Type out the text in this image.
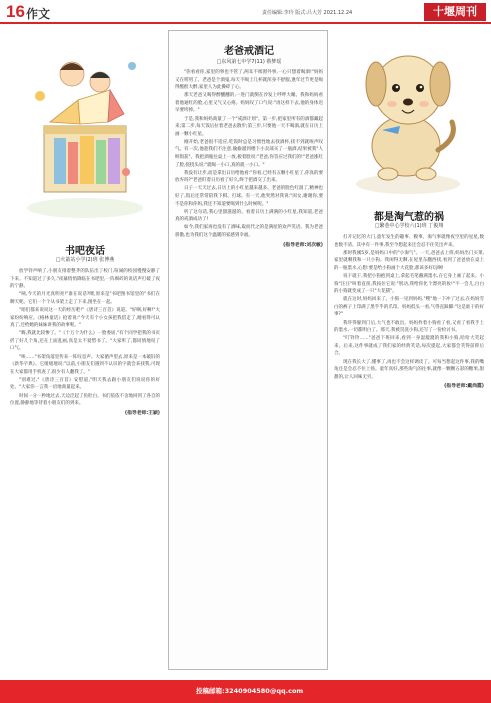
16 作文	责任编辑:李玲 版式:吕大芳 2021.12.24	十堰周刊
书吧夜话
□火箭站小学(2)班 张博燕

放学铃声响了,小朋友排着整齐的队伍出了校门,喧闹的校园慢慢安静了下来。不知道过了多久,"夜幕悄悄降临在书吧里,一阵细碎的说话声打破了夜的宁静。

"咦,今天的月光真明亮!"谁在说话?噢,原来是"书吧图书馆里的"书们在聊天呢。它们一个个从书架上走了下来,围坐在一起。

"咱们都来说说这一天的经历吧!"《唐诗三百首》说道。"好啊,好啊!"大家纷纷响应。《格林童话》抢着说:"今天有个小女孩把我借走了,她看得可认真了,还给她的妹妹讲我的故事呢。"

"嗨,我就比较惨了。"《十万个为什么》一脸委屈,"有个同学把我的书页折了好几个角,还在上面乱画,真是太不爱惜书了。"大家听了,都同情地叹了口气。

"唉……"书架角落里传来一阵叹息声。大家循声望去,原来是一本破旧的《新华字典》。它缓缓地说:"以前,小朋友们遇到不认识的字就会来找我,可现在大家都用手机查了,很少有人翻我了。"

"别难过,"《唐诗三百首》安慰道,"明天我去跟小朋友们说说你的好处。"大家你一言我一语地商量起来。

时间一分一秒地过去,天边泛起了鱼肚白。书们依依不舍地回到了各自的位置,静静地等待着小朋友们的到来。

(指导老师:王颖)
老爸戒酒记
□东风第七中学7(11) 蔡梦瑶

"你看看你,家里的事也不管了,两耳不闻窗外事,一心只想着喝酒!"妈妈又在唠叨了。老爸是个酒鬼,每天不喝上几杯就浑身不舒服,逢年过节更是喝得酩酊大醉,家里人为此操碎了心。

那天老爸又喝得醉醺醺的,一进门就倒在沙发上呼呼大睡。我和妈妈看着他通红的脸,心里又气又心疼。妈妈叹了口气说:"再这样下去,他的身体迟早要垮掉。"

于是,我和妈妈商量了一个"戒酒计划"。第一步,把家里所有的酒都藏起来;第二步,每天饭后拉着老爸去散步;第三步,只要他一天不喝酒,就在日历上画一颗小红星。

刚开始,老爸很不适应,吃饭时总是习惯性地去找酒杯,找不到就唉声叹气。有一次,他趁我们不注意,偷偷溜到楼下小卖部买了一瓶酒,结果被我"人赃俱获"。我把酒瓶往桌上一放,板着脸说:"老爸,你答应过我们的!"老爸涨红了脸,挠挠头说:"就喝一小口,真的就一小口。"

我没有让步,而是拿出日历给他看:"你看,已经有五颗小红星了,你真的要放弃吗?"老爸盯着日历看了好久,终于把酒交了出来。

日子一天天过去,日历上的小红星越来越多。老爸的脸色红润了,精神也好了,饭后还常常陪我下棋、打球。有一天,他突然对我说:"闺女,谢谢你,要不是你和你妈,我还不知道要喝到什么时候呢。"

听了这句话,我心里甜滋滋的。看着日历上满满的小红星,我知道,老爸真的戒酒成功了!

如今,我们家再也没有了酒味,取而代之的是满屋的欢声笑语。我为老爸骄傲,也为我们这个温暖的家感到幸福。

(指导老师:刘次敏)
都是淘气惹的祸
□繁巷中心学校六(1)班 丁俊翔

打开记忆的大门,童年发生的趣事、糗事、淘气事就像夜空里的星星,数也数不清。其中有一件事,我至今想起来还会忍不住笑出声来。

那时我刚5岁,是妈妈口中的"小淘气"。一天,爸爸去上班,妈妈出门买菜,家里就剩我和一只小狗。我闲得无聊,在屋里东翻西找,看到了爸爸放在桌上的一瓶墨水,心想:要是给小狗画个大花脸,那该多好玩啊!

说干就干,我把小狗抱到桌上,拿起毛笔蘸满墨水,在它身上画了起来。小狗"汪汪"叫着直扭,我按住它说:"别动,我给你化个漂亮的妆!"不一会儿,白白的小狗就变成了一只"大花猫"。

就在这时,妈妈回来了。小狗一见到妈妈,"嗖"地一下冲了过去,在妈妈雪白的裤子上印满了黑乎乎的爪印。妈妈低头一看,气得直跺脚:"这是谁干的好事?"

我吓得躲到门后,大气也不敢出。妈妈拎着小狗看了看,又看了看我手上的墨水,一切都明白了。那天,我被罚洗小狗,还写了一份检讨书。

"叮铃铃……"爸爸下班回来,看到一身湿漉漉的我和小狗,哈哈大笑起来。后来,这件事就成了我们家的经典笑话,每次提起,大家都会笑得前仰后合。

现在我长大了,懂事了,再也不会这样调皮了。可每当想起这件事,我的嘴角还是会忍不住上扬。童年真好,那些淘气的往事,就像一颗颗五彩的糖果,甜甜的,让人回味无穷。

(指导老师:戴尚霞)
投稿邮箱:3240904580@qq.com
